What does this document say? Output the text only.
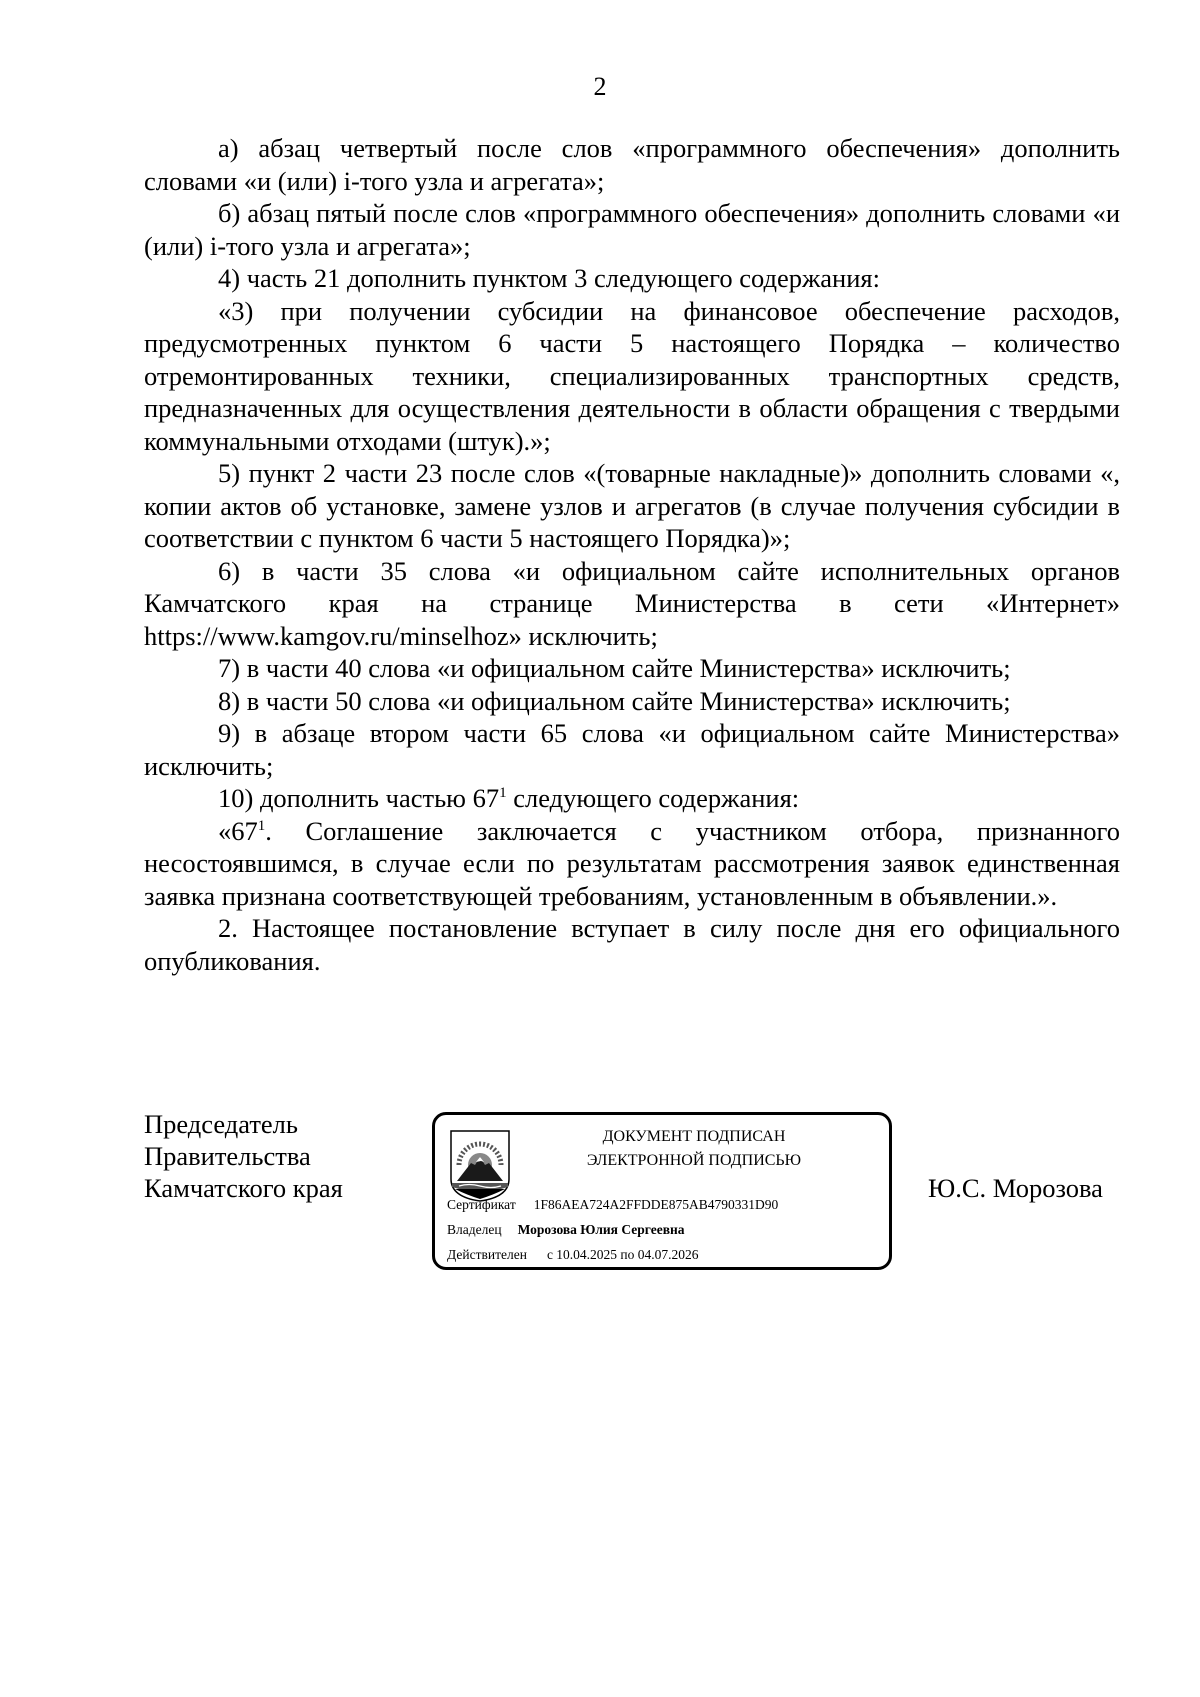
2

а) абзац четвертый после слов «программного обеспечения» дополнить словами «и (или) i-того узла и агрегата»;

б) абзац пятый после слов «программного обеспечения» дополнить словами «и (или) i-того узла и агрегата»;

4) часть 21 дополнить пунктом 3 следующего содержания:

«3) при получении субсидии на финансовое обеспечение расходов, предусмотренных пунктом 6 части 5 настоящего Порядка – количество отремонтированных техники, специализированных транспортных средств, предназначенных для осуществления деятельности в области обращения с твердыми коммунальными отходами (штук).»;

5) пункт 2 части 23 после слов «(товарные накладные)» дополнить словами «, копии актов об установке, замене узлов и агрегатов (в случае получения субсидии в соответствии с пунктом 6 части 5 настоящего Порядка)»;

6) в части 35 слова «и официальном сайте исполнительных органов Камчатского края на странице Министерства в сети «Интернет» https://www.kamgov.ru/minselhoz» исключить;

7) в части 40 слова «и официальном сайте Министерства» исключить;

8) в части 50 слова «и официальном сайте Министерства» исключить;

9) в абзаце втором части 65 слова «и официальном сайте Министерства» исключить;

10) дополнить частью $67^1$ следующего содержания:

«$67^1$. Соглашение заключается с участником отбора, признанного несостоявшимся, в случае если по результатам рассмотрения заявок единственная заявка признана соответствующей требованиям, установленным в объявлении.».

2. Настоящее постановление вступает в силу после дня его официального опубликования.

Председатель
Правительства
Камчатского края
ДОКУМЕНТ ПОДПИСАН
ЭЛЕКТРОННОЙ ПОДПИСЬЮ
Сертификат 1F86AEA724A2FFDDE875AB4790331D90
Владелец Морозова Юлия Сергеевна
Действителен с 10.04.2025 по 04.07.2026
Ю.С. Морозова
